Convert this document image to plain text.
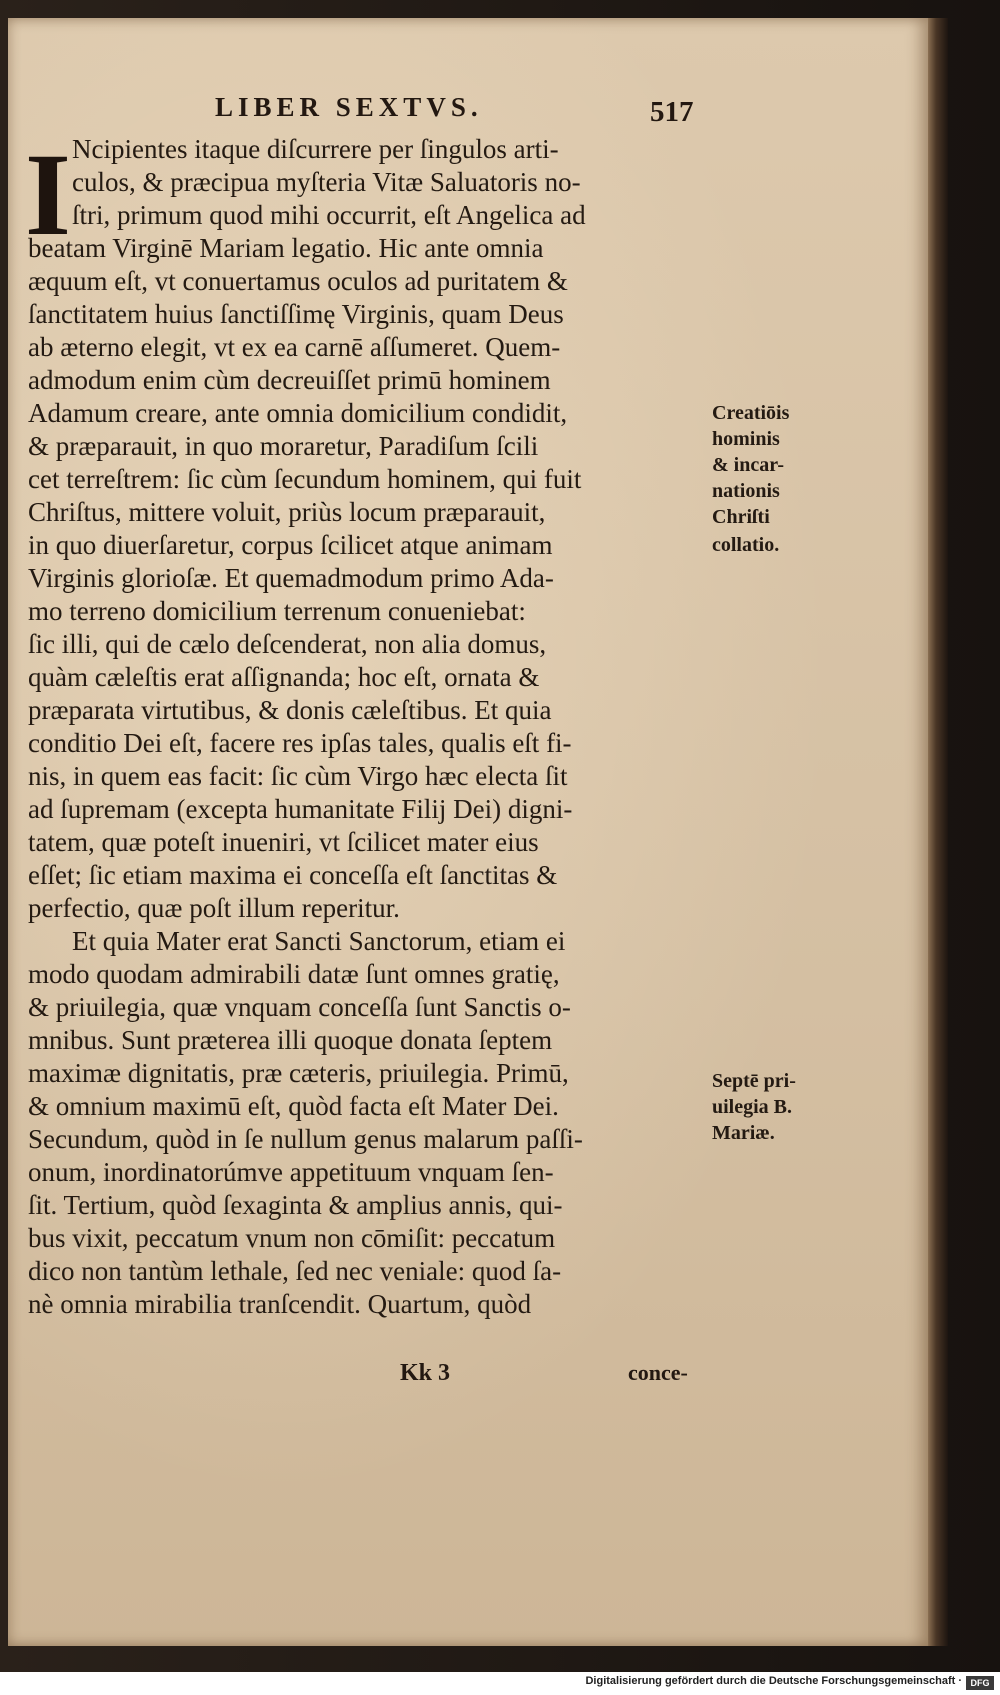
LIBER SEXTVS.	517
I Ncipientes itaque diſcurrere per ſingulos arti-
culos, & præcipua myſteria Vitæ Saluatoris no-
ſtri, primum quod mihi occurrit, eſt Angelica ad
beatam Virginē Mariam legatio. Hic ante omnia
æquum eſt, vt conuertamus oculos ad puritatem &
ſanctitatem huius ſanctiſſimę Virginis, quam Deus
ab æterno elegit, vt ex ea carnē aſſumeret. Quem-
admodum enim cùm decreuiſſet primū hominem
Adamum creare, ante omnia domicilium condidit,
& præparauit, in quo moraretur, Paradiſum ſcili
cet terreſtrem: ſic cùm ſecundum hominem, qui fuit
Chriſtus, mittere voluit, priùs locum præparauit,
in quo diuerſaretur, corpus ſcilicet atque animam
Virginis glorioſæ. Et quemadmodum primo Ada-
mo terreno domicilium terrenum conueniebat:
ſic illi, qui de cælo deſcenderat, non alia domus,
quàm cæleſtis erat aſſignanda; hoc eſt, ornata &
præparata virtutibus, & donis cæleſtibus. Et quia
conditio Dei eſt, facere res ipſas tales, qualis eſt fi-
nis, in quem eas facit: ſic cùm Virgo hæc electa ſit
ad ſupremam (excepta humanitate Filij Dei) digni-
tatem, quæ poteſt inueniri, vt ſcilicet mater eius
eſſet; ſic etiam maxima ei conceſſa eſt ſanctitas &
perfectio, quæ poſt illum reperitur.
Et quia Mater erat Sancti Sanctorum, etiam ei
modo quodam admirabili datæ ſunt omnes gratię,
& priuilegia, quæ vnquam conceſſa ſunt Sanctis o-
mnibus. Sunt præterea illi quoque donata ſeptem
maximæ dignitatis, præ cæteris, priuilegia. Primū,
& omnium maximū eſt, quòd facta eſt Mater Dei.
Secundum, quòd in ſe nullum genus malarum paſſi-
onum, inordinatorúmve appetituum vnquam ſen-
ſit. Tertium, quòd ſexaginta & amplius annis, qui-
bus vixit, peccatum vnum non cōmiſit: peccatum
dico non tantùm lethale, ſed nec veniale: quod ſa-
nè omnia mirabilia tranſcendit. Quartum, quòd
Creatiōis
hominis
& incar-
nationis
Chriſti
collatio.
Septē pri-
uilegia B.
Mariæ.
Kk 3	conce-
Digitalisierung gefördert durch die Deutsche Forschungsgemeinschaft · DFG
